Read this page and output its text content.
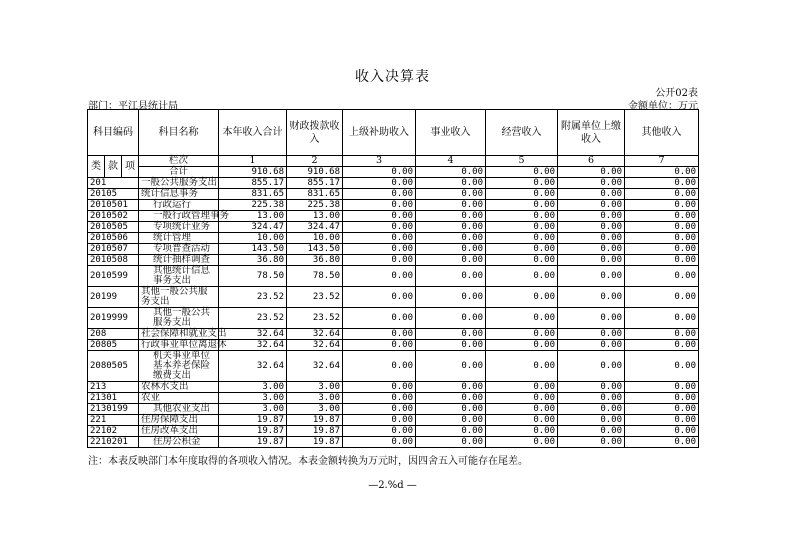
收入决算表
公开02表
部门：平江县统计局	金额单位：万元
科目编码			科目名称	本年收入合计	财政拨款收入	上级补助收入	事业收入	经营收入	附属单位上缴收入	其他收入
类	款	项	栏次	1	2	3	4	5	6	7
			合计	910.68	910.68	0.00	0.00	0.00	0.00	0.00
201			一般公共服务支出	855.17	855.17	0.00	0.00	0.00	0.00	0.00
20105			统计信息事务	831.65	831.65	0.00	0.00	0.00	0.00	0.00
2010501			行政运行	225.38	225.38	0.00	0.00	0.00	0.00	0.00
2010502			一般行政管理事务	13.00	13.00	0.00	0.00	0.00	0.00	0.00
2010505			专项统计业务	324.47	324.47	0.00	0.00	0.00	0.00	0.00
2010506			统计管理	10.00	10.00	0.00	0.00	0.00	0.00	0.00
2010507			专项普查活动	143.50	143.50	0.00	0.00	0.00	0.00	0.00
2010508			统计抽样调查	36.80	36.80	0.00	0.00	0.00	0.00	0.00
2010599			其他统计信息事务支出	78.50	78.50	0.00	0.00	0.00	0.00	0.00
20199			其他一般公共服务支出	23.52	23.52	0.00	0.00	0.00	0.00	0.00
2019999			其他一般公共服务支出	23.52	23.52	0.00	0.00	0.00	0.00	0.00
208			社会保障和就业支出	32.64	32.64	0.00	0.00	0.00	0.00	0.00
20805			行政事业单位离退休	32.64	32.64	0.00	0.00	0.00	0.00	0.00
2080505			机关事业单位基本养老保险缴费支出	32.64	32.64	0.00	0.00	0.00	0.00	0.00
213			农林水支出	3.00	3.00	0.00	0.00	0.00	0.00	0.00
21301			农业	3.00	3.00	0.00	0.00	0.00	0.00	0.00
2130199			其他农业支出	3.00	3.00	0.00	0.00	0.00	0.00	0.00
221			住房保障支出	19.87	19.87	0.00	0.00	0.00	0.00	0.00
22102			住房改革支出	19.87	19.87	0.00	0.00	0.00	0.00	0.00
2210201			住房公积金	19.87	19.87	0.00	0.00	0.00	0.00	0.00
注：本表反映部门本年度取得的各项收入情况。本表金额转换为万元时，因四舍五入可能存在尾差。
—2.%d —
